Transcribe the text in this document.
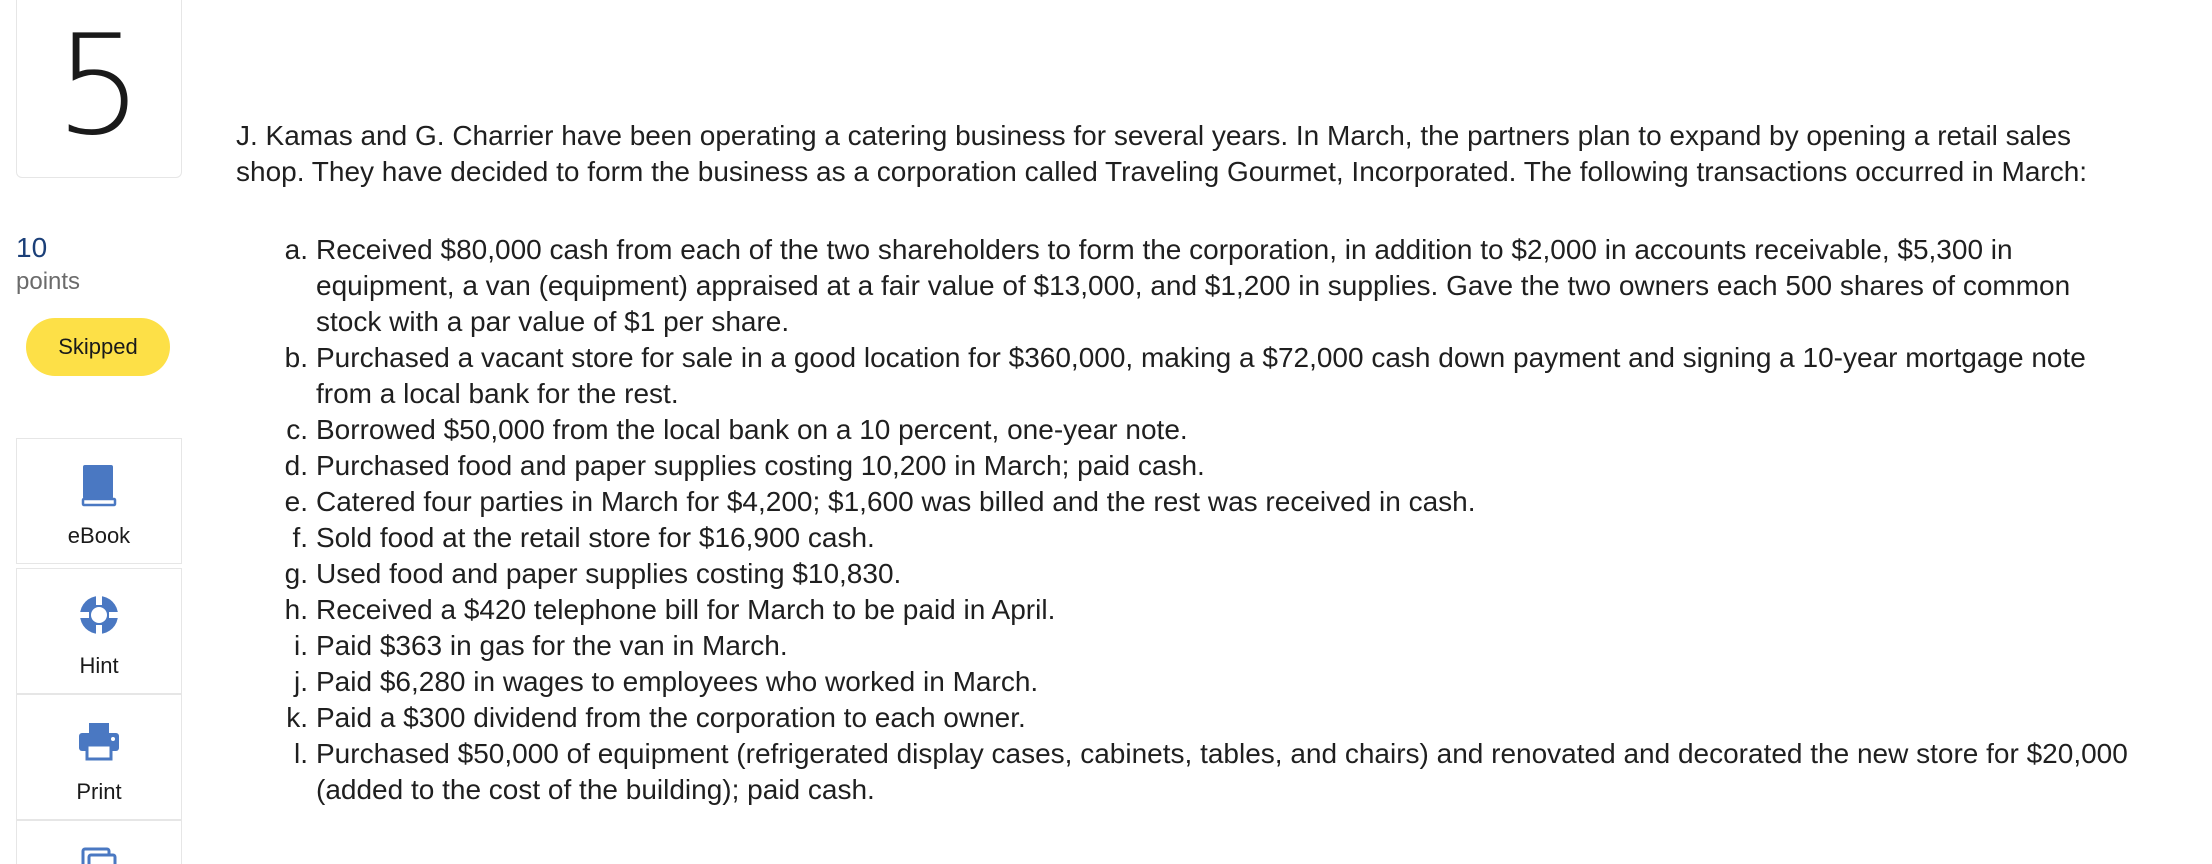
5
10
points
Skipped
eBook
Hint
Print

J. Kamas and G. Charrier have been operating a catering business for several years. In March, the partners plan to expand by opening a retail sales shop. They have decided to form the business as a corporation called Traveling Gourmet, Incorporated. The following transactions occurred in March:

a. Received $80,000 cash from each of the two shareholders to form the corporation, in addition to $2,000 in accounts receivable, $5,300 in equipment, a van (equipment) appraised at a fair value of $13,000, and $1,200 in supplies. Gave the two owners each 500 shares of common stock with a par value of $1 per share.
b. Purchased a vacant store for sale in a good location for $360,000, making a $72,000 cash down payment and signing a 10-year mortgage note from a local bank for the rest.
c. Borrowed $50,000 from the local bank on a 10 percent, one-year note.
d. Purchased food and paper supplies costing 10,200 in March; paid cash.
e. Catered four parties in March for $4,200; $1,600 was billed and the rest was received in cash.
f. Sold food at the retail store for $16,900 cash.
g. Used food and paper supplies costing $10,830.
h. Received a $420 telephone bill for March to be paid in April.
i. Paid $363 in gas for the van in March.
j. Paid $6,280 in wages to employees who worked in March.
k. Paid a $300 dividend from the corporation to each owner.
l. Purchased $50,000 of equipment (refrigerated display cases, cabinets, tables, and chairs) and renovated and decorated the new store for $20,000 (added to the cost of the building); paid cash.
